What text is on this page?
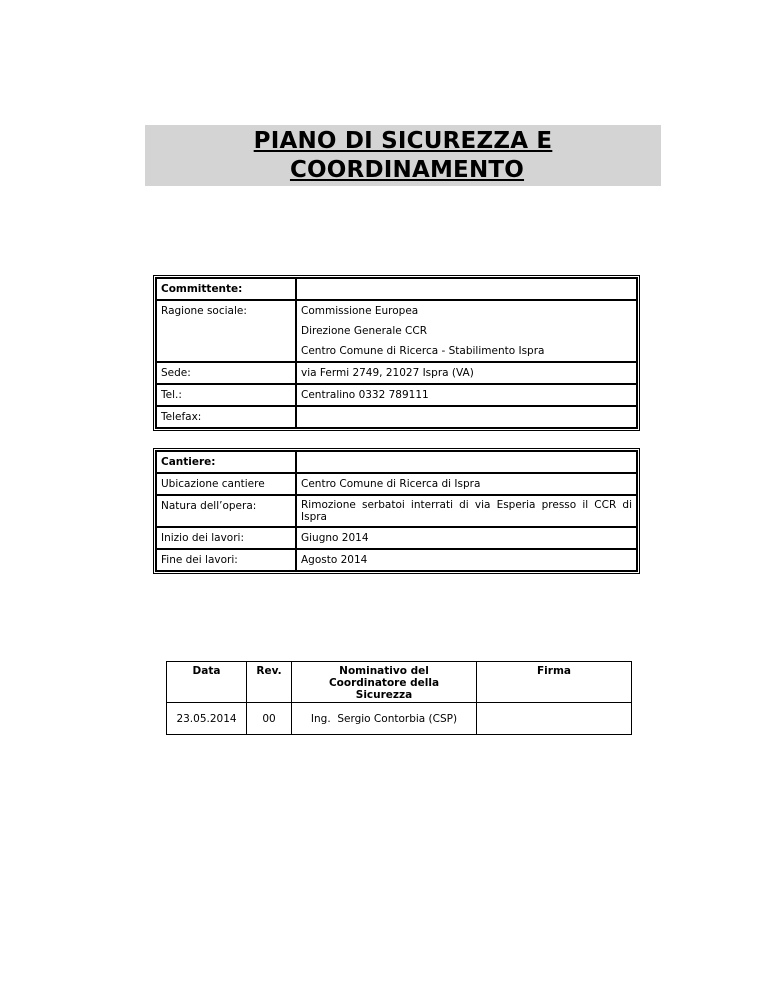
PIANO DI SICUREZZA E
COORDINAMENTO
Committente:	
Ragione sociale:	Commissione Europea
	Direzione Generale CCR
	Centro Comune di Ricerca - Stabilimento Ispra
Sede:	via Fermi 2749, 21027 Ispra (VA)
Tel.:	Centralino 0332 789111
Telefax:	
Cantiere:	
Ubicazione cantiere	Centro Comune di Ricerca di Ispra
Natura dell’opera:	Rimozione serbatoi interrati di via Esperia presso il CCR di Ispra
Inizio dei lavori:	Giugno 2014
Fine dei lavori:	Agosto 2014
Data	Rev.	Nominativo del Coordinatore della Sicurezza	Firma
23.05.2014	00	Ing.  Sergio Contorbia (CSP)	
